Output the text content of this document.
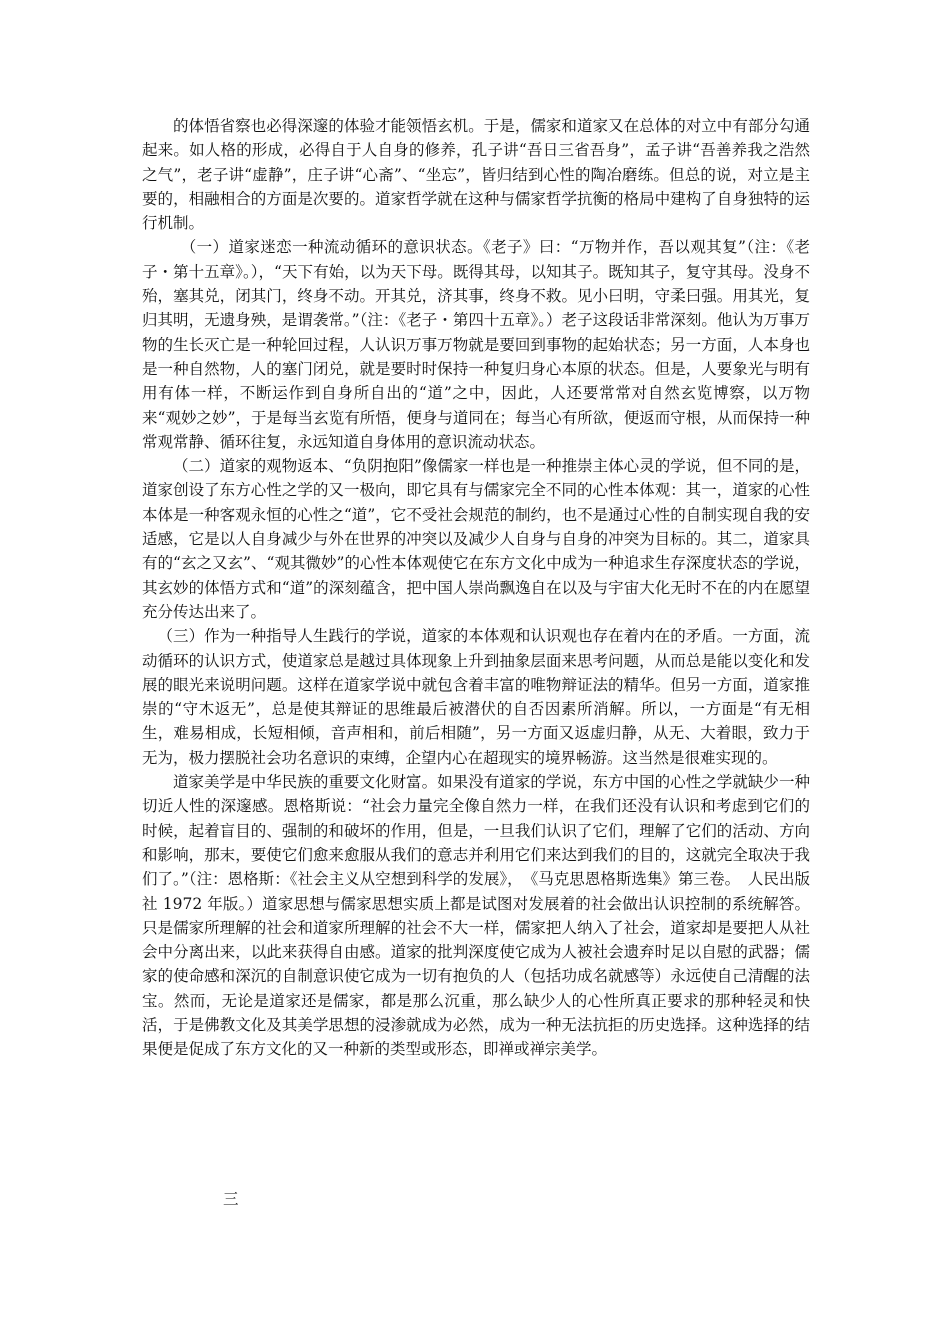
的体悟省察也必得深邃的体验才能领悟玄机。于是，儒家和道家又在总体的对立中有部分勾通起来。如人格的形成，必得自于人自身的修养，孔子讲“吾日三省吾身”，孟子讲“吾善养我之浩然之气”，老子讲“虚静”，庄子讲“心斋”、“坐忘”，皆归结到心性的陶冶磨练。但总的说，对立是主要的，相融相合的方面是次要的。道家哲学就在这种与儒家哲学抗衡的格局中建构了自身独特的运行机制。

（一）道家迷恋一种流动循环的意识状态。《老子》曰：“万物并作，吾以观其复”（注：《老子・第十五章》。），“天下有始，以为天下母。既得其母，以知其子。既知其子，复守其母。没身不殆，塞其兑，闭其门，终身不动。开其兑，济其事，终身不救。见小曰明，守柔曰强。用其光，复归其明，无遗身殃，是谓袭常。”（注：《老子・第四十五章》。）老子这段话非常深刻。他认为万事万物的生长灭亡是一种轮回过程，人认识万事万物就是要回到事物的起始状态；另一方面，人本身也是一种自然物，人的塞门闭兑，就是要时时保持一种复归身心本原的状态。但是，人要象光与明有用有体一样，不断运作到自身所自出的“道”之中，因此，人还要常常对自然玄览博察，以万物来“观妙之妙”，于是每当玄览有所悟，便身与道同在；每当心有所欲，便返而守根，从而保持一种常观常静、循环往复，永远知道自身体用的意识流动状态。

（二）道家的观物返本、“负阴抱阳”像儒家一样也是一种推崇主体心灵的学说，但不同的是，道家创设了东方心性之学的又一极向，即它具有与儒家完全不同的心性本体观：其一，道家的心性本体是一种客观永恒的心性之“道”，它不受社会规范的制约，也不是通过心性的自制实现自我的安适感，它是以人自身减少与外在世界的冲突以及减少人自身与自身的冲突为目标的。其二，道家具有的“玄之又玄”、“观其微妙”的心性本体观使它在东方文化中成为一种追求生存深度状态的学说，其玄妙的体悟方式和“道”的深刻蕴含，把中国人崇尚飘逸自在以及与宇宙大化无时不在的内在愿望充分传达出来了。

（三）作为一种指导人生践行的学说，道家的本体观和认识观也存在着内在的矛盾。一方面，流动循环的认识方式，使道家总是越过具体现象上升到抽象层面来思考问题，从而总是能以变化和发展的眼光来说明问题。这样在道家学说中就包含着丰富的唯物辩证法的精华。但另一方面，道家推崇的“守木返无”，总是使其辩证的思维最后被潜伏的自否因素所消解。所以，一方面是“有无相生，难易相成，长短相倾，音声相和，前后相随”，另一方面又返虚归静，从无、大着眼，致力于无为，极力摆脱社会功名意识的束缚，企望内心在超现实的境界畅游。这当然是很难实现的。

道家美学是中华民族的重要文化财富。如果没有道家的学说，东方中国的心性之学就缺少一种切近人性的深邃感。恩格斯说：“社会力量完全像自然力一样，在我们还没有认识和考虑到它们的时候，起着盲目的、强制的和破坏的作用，但是，一旦我们认识了它们，理解了它们的活动、方向和影响，那末，要使它们愈来愈服从我们的意志并利用它们来达到我们的目的，这就完全取决于我们了。”（注：恩格斯：《社会主义从空想到科学的发展》，　《马克思恩格斯选集》第三卷。　人民出版社 1972 年版。）道家思想与儒家思想实质上都是试图对发展着的社会做出认识控制的系统解答。只是儒家所理解的社会和道家所理解的社会不大一样，儒家把人纳入了社会，道家却是要把人从社会中分离出来，以此来获得自由感。道家的批判深度使它成为人被社会遗弃时足以自慰的武器；儒家的使命感和深沉的自制意识使它成为一切有抱负的人（包括功成名就感等）永远使自己清醒的法宝。然而，无论是道家还是儒家，都是那么沉重，那么缺少人的心性所真正要求的那种轻灵和快活，于是佛教文化及其美学思想的浸渗就成为必然，成为一种无法抗拒的历史选择。这种选择的结果便是促成了东方文化的又一种新的类型或形态，即禅或禅宗美学。

三
